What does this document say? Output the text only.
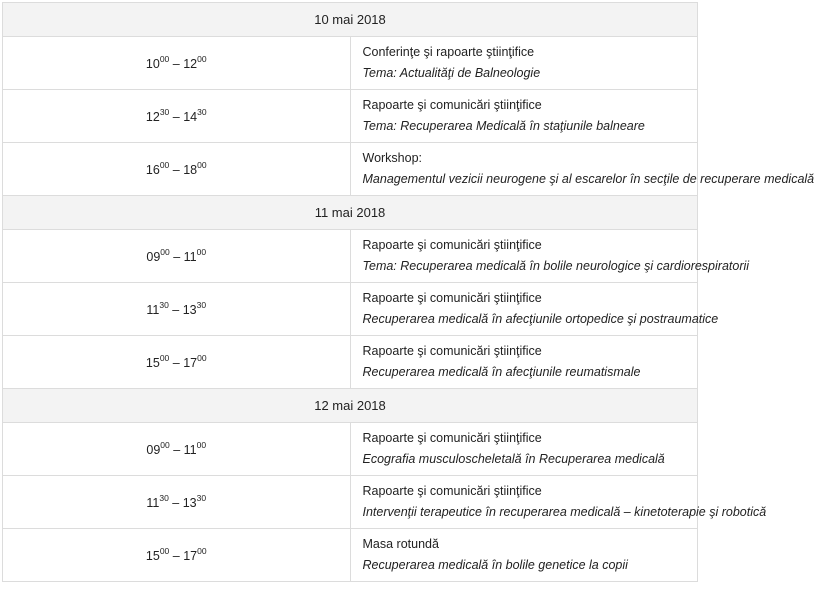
10 mai 2018	
$10^{00} - 12^{00}$	Conferinţe şi rapoarte ştiinţifice
Tema: Actualităţi de Balneologie

$12^{30} - 14^{30}$	Rapoarte şi comunicări ştiinţifice
Tema: Recuperarea Medicală în staţiunile balneare

$16^{00} - 18^{00}$	Workshop:
Managementul vezicii neurogene şi al escarelor în secţile de recuperare medicală

11 mai 2018	
$09^{00} - 11^{00}$	Rapoarte şi comunicări ştiinţifice
Tema: Recuperarea medicală în bolile neurologice şi cardiorespiratorii

$11^{30} - 13^{30}$	Rapoarte şi comunicări ştiinţifice
Recuperarea medicală în afecţiunile ortopedice şi postraumatice

$15^{00} - 17^{00}$	Rapoarte şi comunicări ştiinţifice
Recuperarea medicală în afecţiunile reumatismale

12 mai 2018	
$09^{00} - 11^{00}$	Rapoarte şi comunicări ştiinţifice
Ecografia musculoscheletală în Recuperarea medicală

$11^{30} - 13^{30}$	Rapoarte şi comunicări ştiinţifice
Intervenţii terapeutice în recuperarea medicală – kinetoterapie şi robotică

$15^{00} - 17^{00}$	Masa rotundă
Recuperarea medicală în bolile genetice la copii
